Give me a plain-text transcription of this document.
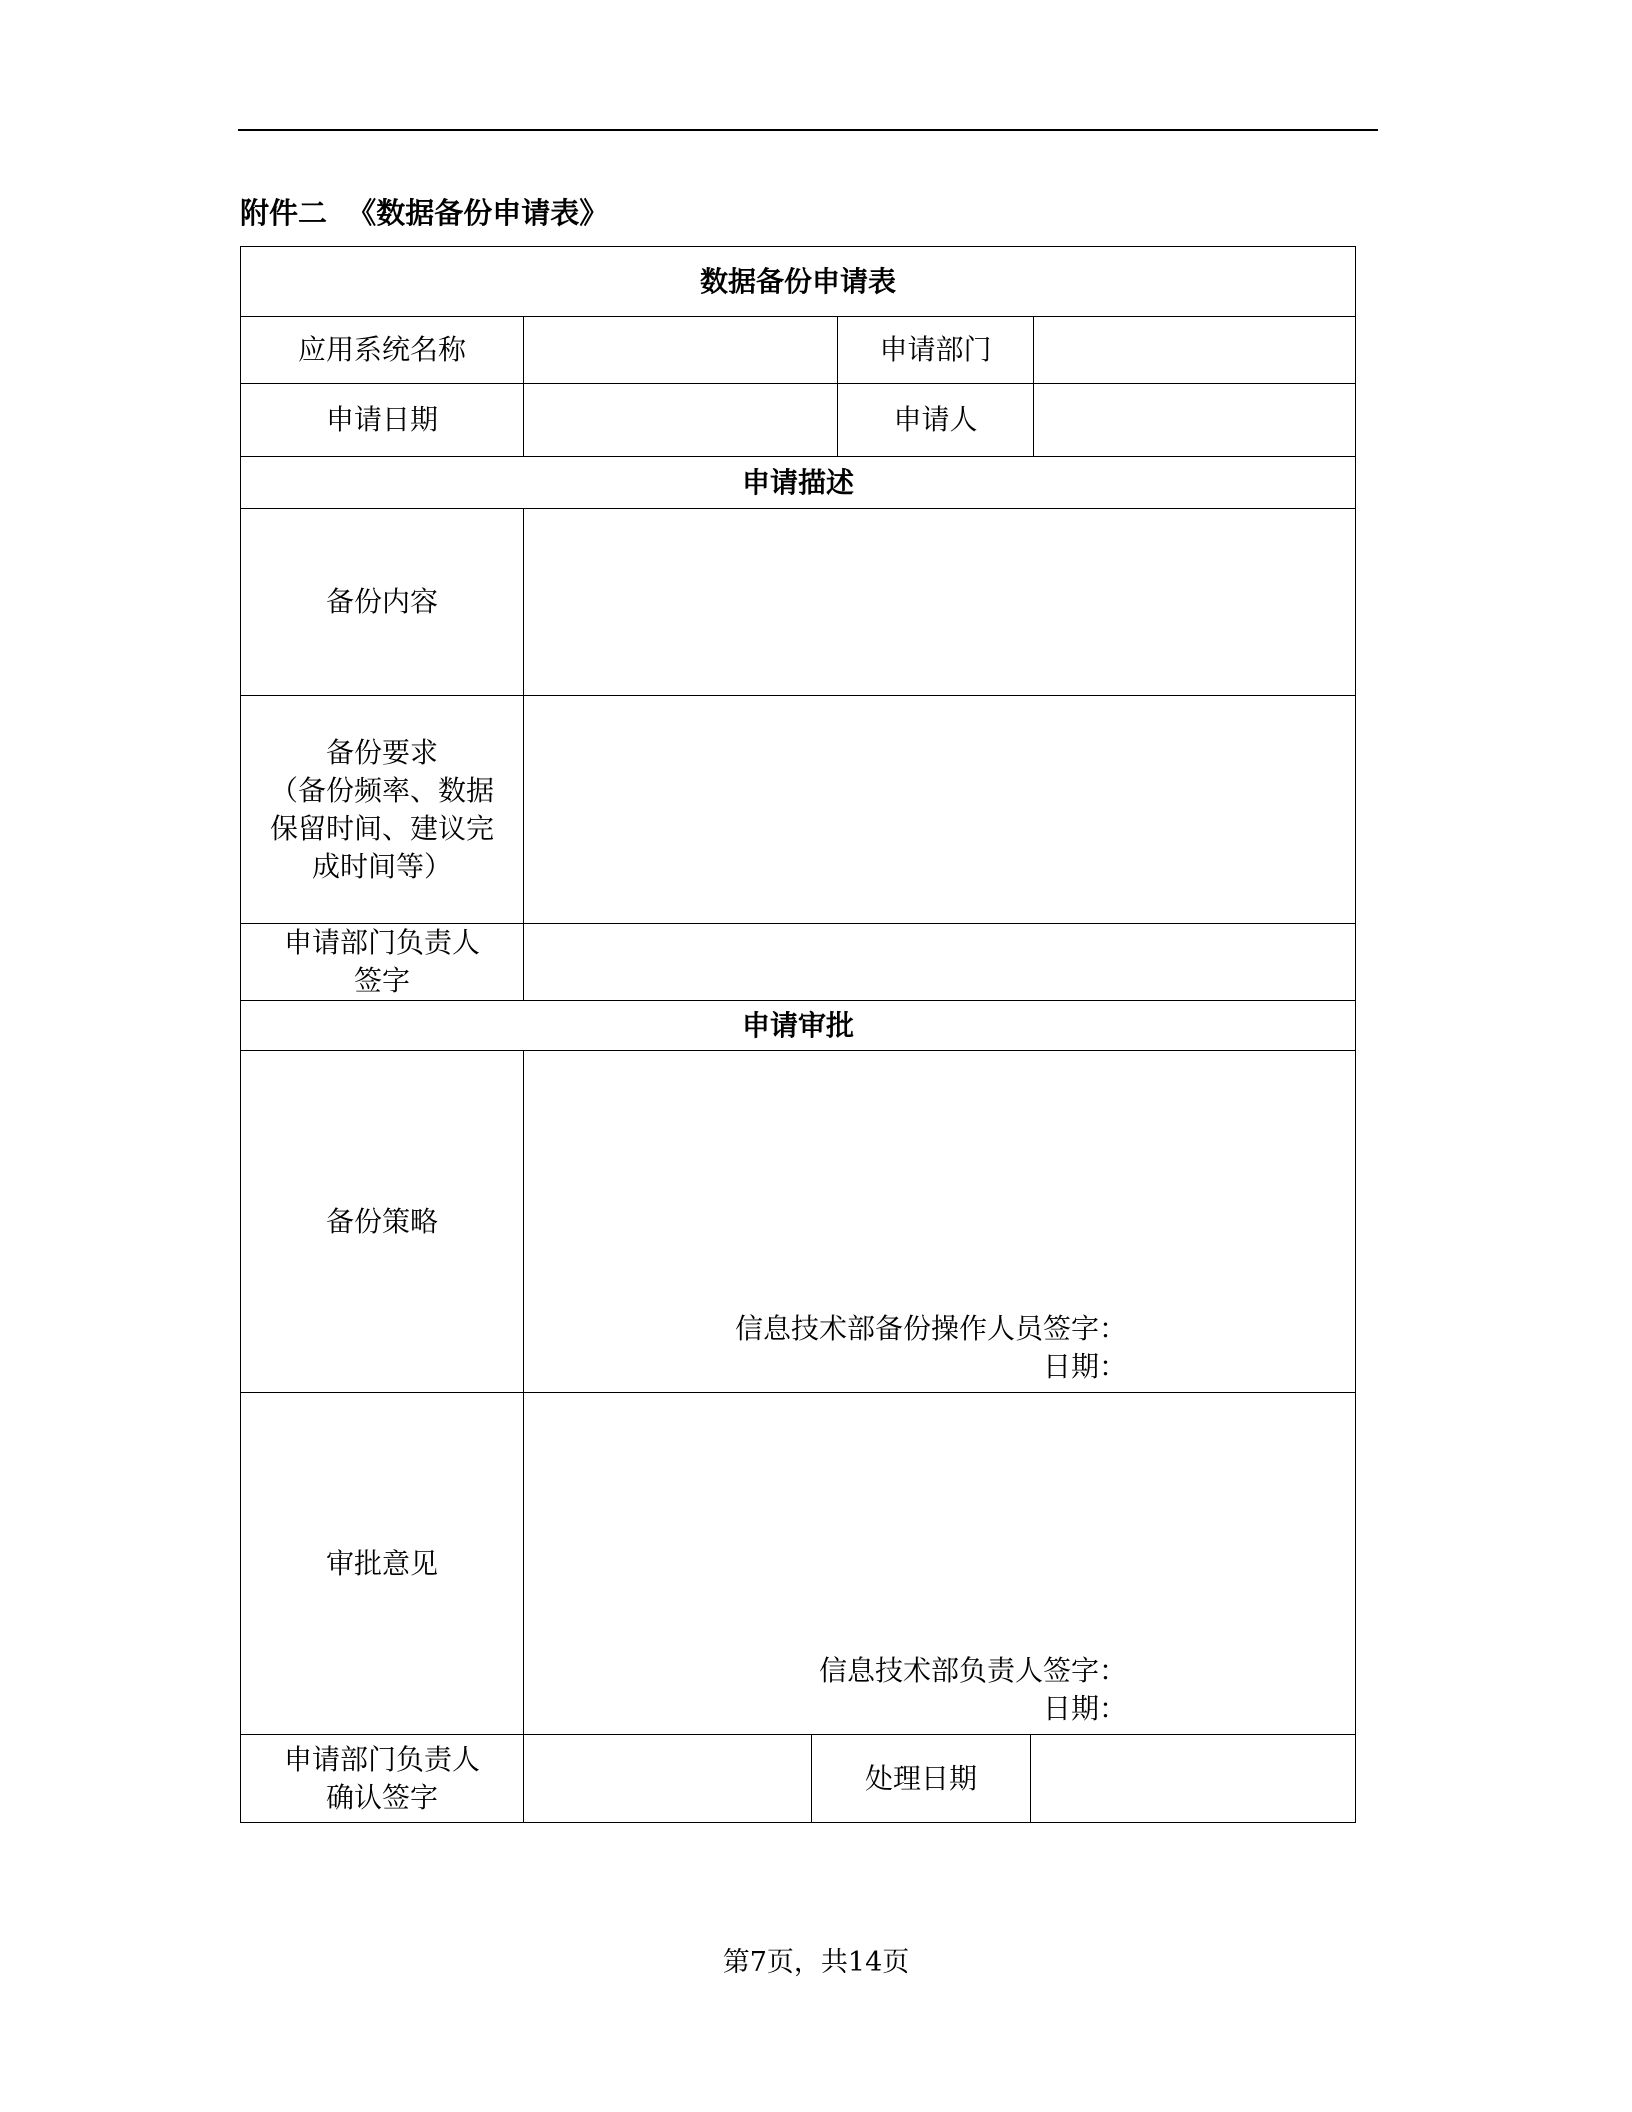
附件二  《数据备份申请表》
数据备份申请表					
应用系统名称			申请部门		
申请日期			申请人		
申请描述					
备份内容					

备份要求
（备份频率、数据
保留时间、建议完
成时间等）					

申请部门负责人
签字					

申请审批					
备份策略	信息技术部备份操作人员签字：
日期：				

审批意见	信息技术部负责人签字：
日期：				

申请部门负责人
确认签字		处理日期			
第7页，共14页
